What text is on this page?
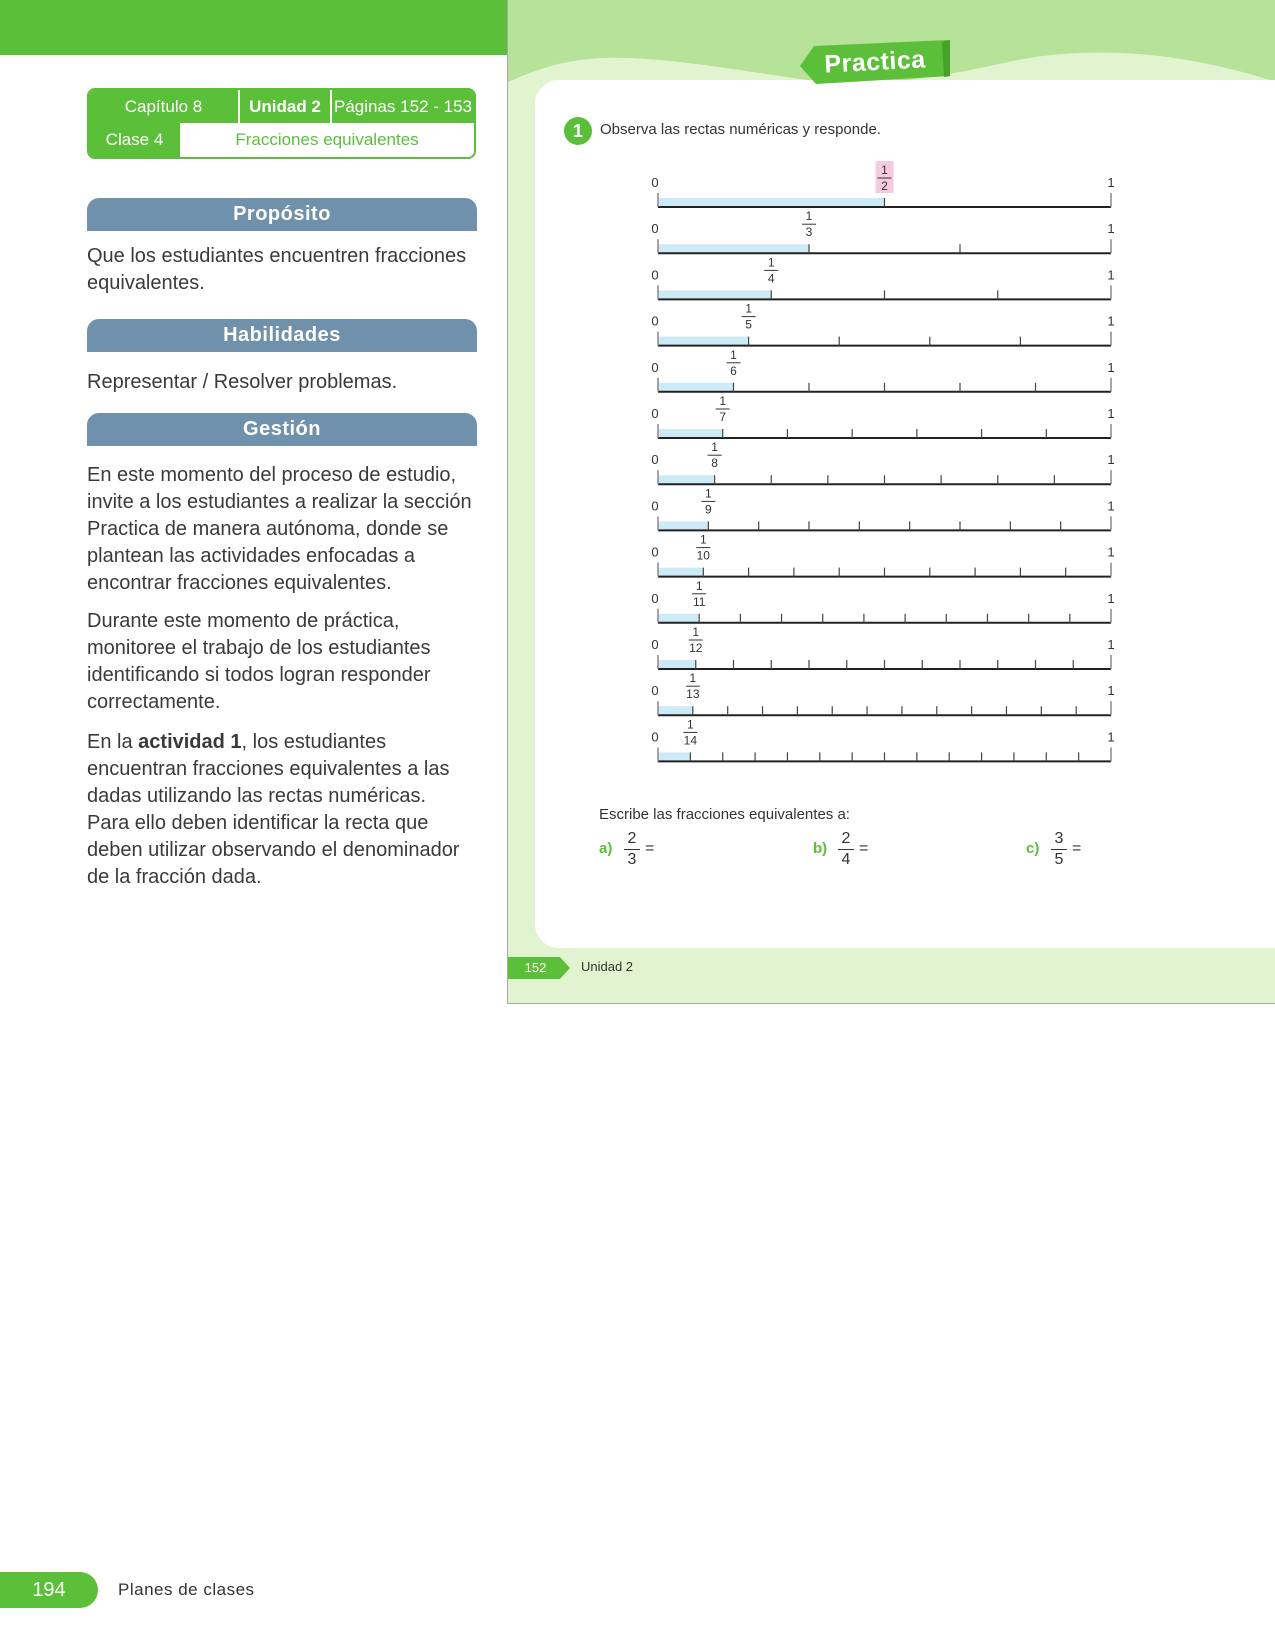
Capítulo 8	Unidad 2 Páginas 152 - 153
Clase 4	Fracciones equivalentes
Propósito

Que los estudiantes encuentren fracciones equivalentes.

Habilidades

Representar / Resolver problemas.

Gestión

En este momento del proceso de estudio, invite a los estudiantes a realizar la sección Practica de manera autónoma, donde se plantean las actividades enfocadas a encontrar fracciones equivalentes.

Durante este momento de práctica, monitoree el trabajo de los estudiantes identificando si todos logran responder correctamente.

En la actividad 1, los estudiantes encuentran fracciones equivalentes a las dadas utilizando las rectas numéricas. Para ello deben identificar la recta que deben utilizar observando el denominador de la fracción dada.

Practica
1	Observa las rectas numéricas y responde.
0	1
1
2
0	1
1
3
0	1
1
4
0	1
1
5
0	1
1
6
0	1
1
7
0	1
1
8
0	1
1
9
0	1
1
10
0	1
1
11
0	1
1
12
0	1
1
13
0	1
1
14
Escribe las fracciones equivalentes a:
a)
2
3
=	b)
2
4
=	c)
3
5
=
152	Unidad 2
194	Planes de clases
